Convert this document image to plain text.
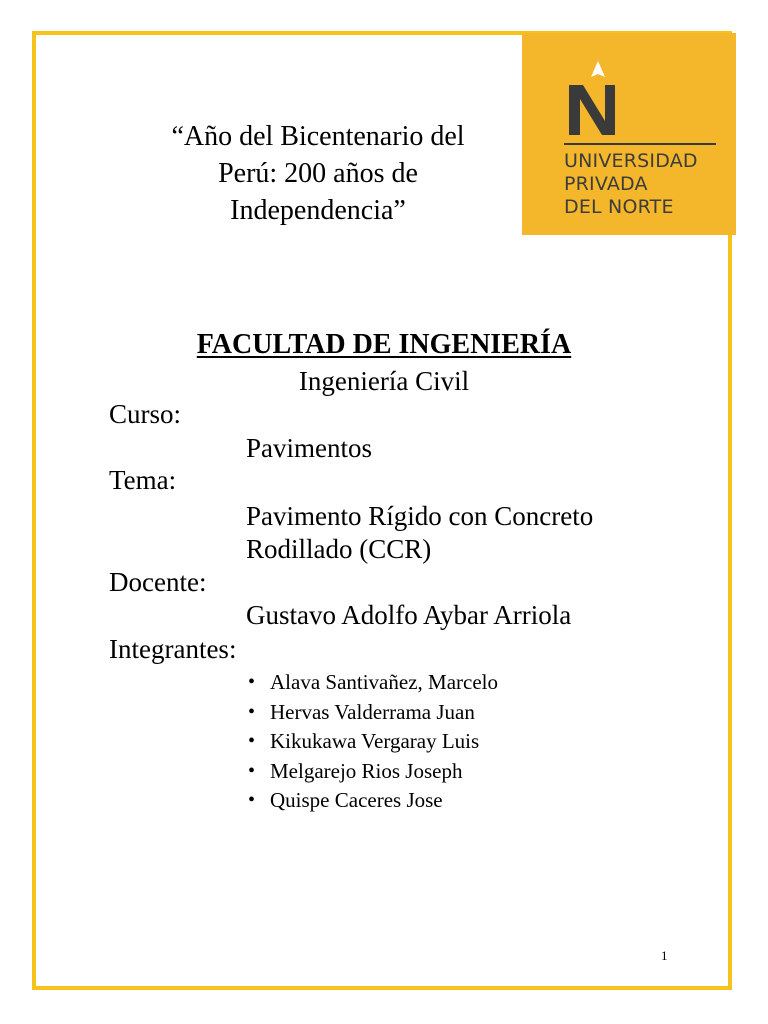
UNIVERSIDAD
PRIVADA
DEL NORTE
“Año del Bicentenario del
Perú: 200 años de
Independencia”
FACULTAD DE INGENIERÍA
Ingeniería Civil
Curso:
Pavimentos
Tema:
Pavimento Rígido con Concreto
Rodillado (CCR)
Docente:
Gustavo Adolfo Aybar Arriola
Integrantes:
• Alava Santivañez, Marcelo
• Hervas Valderrama Juan
• Kikukawa Vergaray Luis
• Melgarejo Rios Joseph
• Quispe Caceres Jose
1
